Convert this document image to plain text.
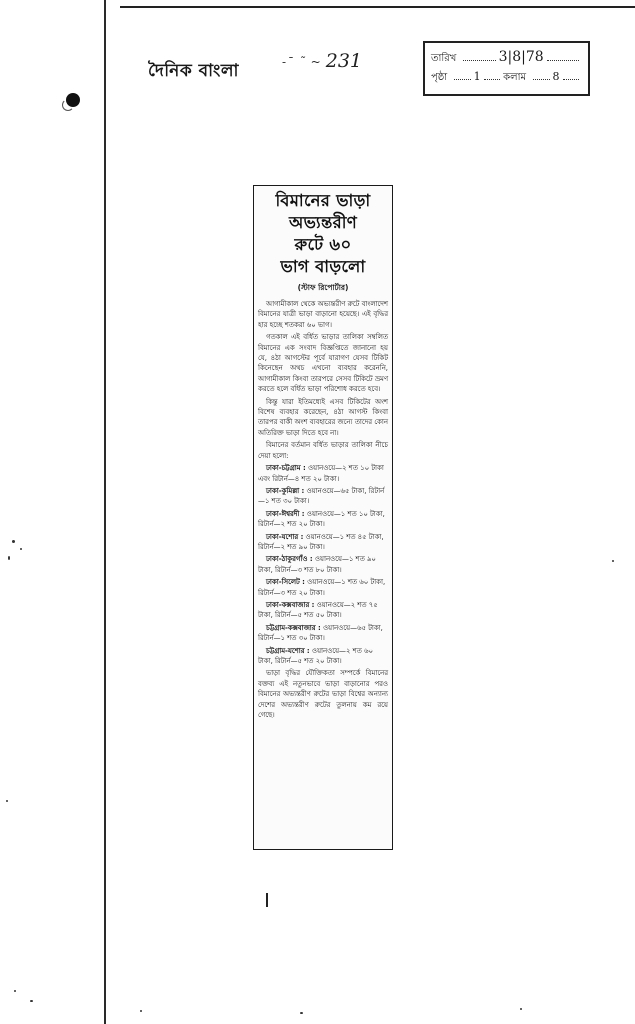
দৈনিক বাংলা	-ˉ ˜ ~ 231	তারিখ	3|8|78
পৃষ্ঠা 1 কলাম 8
বিমানের ভাড়া
অভ্যন্তরীণ
রুটে ৬০
ভাগ বাড়লো
(স্টাফ রিপোর্টার)

আগামীকাল থেকে অভ্যন্তরীণ রুটে বাংলাদেশ বিমানের যাত্রী ভাড়া বাড়ানো হয়েছে। এই বৃদ্ধির হার হচ্ছে শতকরা ৬০ ভাগ।

গতকাল এই বর্ধিত ভাড়ার তালিকা সম্বলিত বিমানের এক সংবাদ বিজ্ঞপ্তিতে জানানো হয় যে, ৪ঠা আগস্টের পূর্বে যারাগণ যেসব টিকিট কিনেছেন অথচ এখনো ব্যবহার করেননি, আগামীকাল কিংবা তারপরে সেসব টিকিটে ভ্রমণ করতে হলে বর্ধিত ভাড়া পরিশোধ করতে হবে।

কিন্তু যারা ইতিমধ্যেই এসব টিকিটের অংশ বিশেষ ব্যবহার করেছেন, ৪ঠা আগস্ট কিংবা তারপর বাকী অংশ ব্যবহারের জন্যে তাদের কোন অতিরিক্ত ভাড়া দিতে হবে না।

বিমানের বর্তমান বর্ধিত ভাড়ার তালিকা নীচে দেয়া হলো:

ঢাকা-চট্টগ্রাম : ওয়ানওয়ে—২ শত ১০ টাকা এবং রিটার্ন—৪ শত ২০ টাকা।
ঢাকা-কুমিল্লা : ওয়ানওয়ে—৬৫ টাকা, রিটার্ন—১ শত ৩০ টাকা।
ঢাকা-ঈশ্বরদী : ওয়ানওয়ে—১ শত ১০ টাকা, রিটার্ন—২ শত ২০ টাকা।
ঢাকা-যশোর : ওয়ানওয়ে—১ শত ৪৫ টাকা, রিটার্ন—২ শত ৯০ টাকা।
ঢাকা-ঠাকুরগাঁও : ওয়ানওয়ে—১ শত ৯০ টাকা, রিটার্ন—৩ শত ৮০ টাকা।
ঢাকা-সিলেট : ওয়ানওয়ে—১ শত ৬০ টাকা, রিটার্ন—৩ শত ২০ টাকা।
ঢাকা-কক্সবাজার : ওয়ানওয়ে—২ শত ৭৫ টাকা, রিটার্ন—৫ শত ৫০ টাকা।
চট্টগ্রাম-কক্সবাজার : ওয়ানওয়ে—৬৫ টাকা, রিটার্ন—১ শত ৩০ টাকা।
চট্টগ্রাম-যশোর : ওয়ানওয়ে—২ শত ৬০ টাকা, রিটার্ন—৫ শত ২০ টাকা।

ভাড়া বৃদ্ধির যৌক্তিকতা সম্পর্কে বিমানের বক্তব্য এই নতুনভাবে ভাড়া বাড়ানোর পরও বিমানের অভ্যন্তরীণ রুটের ভাড়া বিশ্বের অন্যান্য দেশের অভ্যন্তরীণ রুটের তুলনায় কম রয়ে গেছে।
